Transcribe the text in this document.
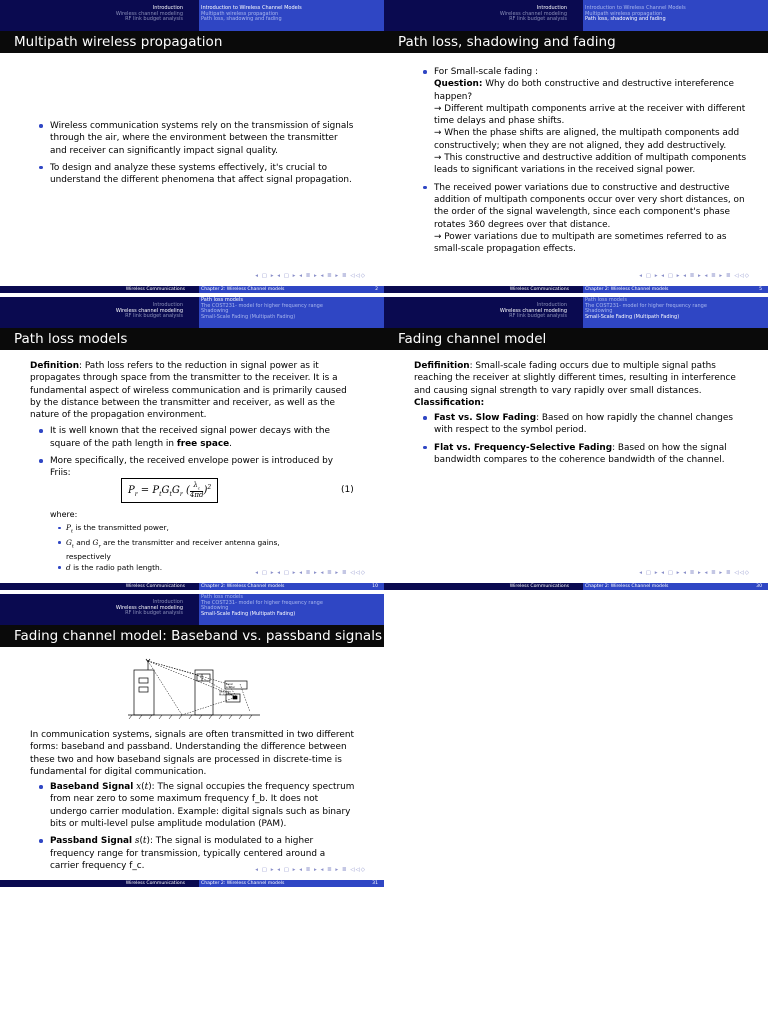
Introduction
Wireless channel modeling
RF link budget analysis
Introduction to Wireless Channel Models
Multipath wireless propagation
Path loss, shadowing and fading
Multipath wireless propagation
Wireless communication systems rely on the transmission of signals through the air, where the environment between the transmitter and receiver can significantly impact signal quality.
To design and analyze these systems effectively, it's crucial to understand the different phenomena that affect signal propagation.
◂ ▢ ▸ ◂ ▢ ▸ ◂ ≣ ▸ ◂ ≣ ▸ ≣ ◁◁◇
Wireless Communications	Chapter 2: Wireless Channel models	2
Introduction
Wireless channel modeling
RF link budget analysis
Introduction to Wireless Channel Models
Multipath wireless propagation
Path loss, shadowing and fading
Path loss, shadowing and fading
For Small-scale fading :
Question: Why do both constructive and destructive intereference happen?
→ Different multipath components arrive at the receiver with different time delays and phase shifts.
→ When the phase shifts are aligned, the multipath components add constructively; when they are not aligned, they add destructively.
→ This constructive and destructive addition of multipath components leads to significant variations in the received signal power.
The received power variations due to constructive and destructive addition of multipath components occur over very short distances, on the order of the signal wavelength, since each component's phase rotates 360 degrees over that distance.
→ Power variations due to multipath are sometimes referred to as small-scale propagation effects.
◂ ▢ ▸ ◂ ▢ ▸ ◂ ≣ ▸ ◂ ≣ ▸ ≣ ◁◁◇
Wireless Communications	Chapter 2: Wireless Channel models	5
Introduction
Wireless channel modeling
RF link budget analysis
Path loss models
The COST231- model for higher frequency range
Shadowing
Small-Scale Fading (Multipath Fading)
Path loss models
Definition: Path loss refers to the reduction in signal power as it propagates through space from the transmitter to the receiver. It is a fundamental aspect of wireless communication and is primarily caused by the distance between the transmitter and receiver, as well as the nature of the propagation environment.
It is well known that the received signal power decays with the square of the path length in free space.
More specifically, the received envelope power is introduced by Friis:
$P_r = P_tG_tG_r$ ( $\frac{\lambda_c}{4\pi d} )^2$	(1)
where:
$P_t$ is the transmitted power,
$G_t$ and $G_r$ are the transmitter and receiver antenna gains, respectively
d is the radio path length.
◂ ▢ ▸ ◂ ▢ ▸ ◂ ≣ ▸ ◂ ≣ ▸ ≣ ◁◁◇
Wireless Communications	Chapter 2: Wireless Channel models	10
Introduction
Wireless channel modeling
RF link budget analysis
Path loss models
The COST231- model for higher frequency range
Shadowing
Small-Scale Fading (Multipath Fading)
Fading channel model
Defifinition: Small-scale fading occurs due to multiple signal paths reaching the receiver at slightly different times, resulting in interference and causing signal strength to vary rapidly over small distances.
Classification:
Fast vs. Slow Fading: Based on how rapidly the channel changes with respect to the symbol period.
Flat vs. Frequency-Selective Fading: Based on how the signal bandwidth compares to the coherence bandwidth of the channel.
◂ ▢ ▸ ◂ ▢ ▸ ◂ ≣ ▸ ◂ ≣ ▸ ≣ ◁◁◇
Wireless Communications	Chapter 2: Wireless Channel models	30
Introduction
Wireless channel modeling
RF link budget analysis
Path loss models
The COST231- model for higher frequency range
Shadowing
Small-Scale Fading (Multipath Fading)
Fading channel model: Baseband vs. passband signals
Local
scatter
Two Main
Multipaths
In communication systems, signals are often transmitted in two different forms: baseband and passband. Understanding the difference between these two and how baseband signals are processed in discrete-time is fundamental for digital communication.
Baseband Signal x(t): The signal occupies the frequency spectrum from near zero to some maximum frequency f_b. It does not undergo carrier modulation. Example: digital signals such as binary bits or multi-level pulse amplitude modulation (PAM).
Passband Signal s(t): The signal is modulated to a higher frequency range for transmission, typically centered around a carrier frequency f_c.	◂ ▢ ▸ ◂ ▢ ▸ ◂ ≣ ▸ ◂ ≣ ▸ ≣ ◁◁◇
Wireless Communications	Chapter 2: Wireless Channel models	31
